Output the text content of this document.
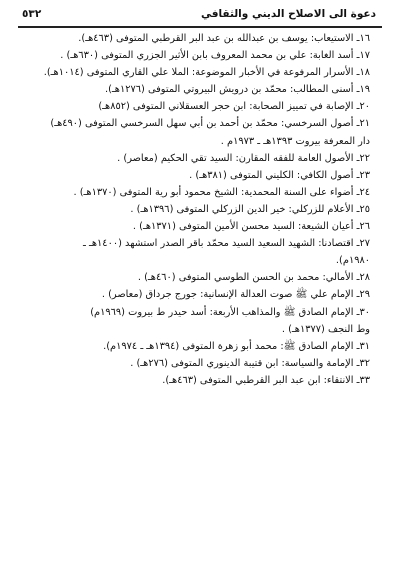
دعوة الى الاصلاح الديني والثقافي
٥٣٢
١٦ـ الاستيعاب: يوسف بن عبدالله بن عبد البر القرطبي المتوفى (٤٦٣هـ).
١٧ـ أسد الغابة: علي بن محمد المعروف بابن الأثير الجزري المتوفى (٦٣٠هـ) .
١٨ـ الأسرار المرفوعة في الأخبار الموضوعة: الملا علي القاري المتوفى (١٠١٤هـ).
١٩ـ أسنى المطالب: محمّد بن درويش البيروتي المتوفى (١٢٧٦هـ).
٢٠ـ الإصابة في تمييز الصحابة: ابن حجر العسقلاني المتوفى (٨٥٢هـ)
٢١ـ أصول السرخسي: محمّد بن أحمد بن أبي سهل السرخسي المتوفى (٤٩٠هـ)
دار المعرفة بيروت ١٣٩٣هـ ـ ١٩٧٣م .
٢٢ـ الأصول العامة للفقه المقارن: السيد تقي الحكيم (معاصر) .
٢٣ـ أصول الكافي: الكليني المتوفى (٣٨١هـ) .
٢٤ـ أضواء على السنة المحمدية: الشيخ محمود أبو رية المتوفى (١٣٧٠هـ) .
٢٥ـ الأعلام للزركلي: خير الدين الزركلي المتوفى (١٣٩٦هـ) .
٢٦ـ أعيان الشيعة: السيد محسن الأمين المتوفى (١٣٧١هـ) .
٢٧ـ اقتصادنا: الشهيد السعيد السيد محمّد باقر الصدر استشهد (١٤٠٠هـ ـ
١٩٨٠م).
٢٨ـ الأمالي: محمد بن الحسن الطوسي المتوفى (٤٦٠هـ) .
٢٩ـ الإمام علي ﷺ صوت العدالة الإنسانية: جورج جرداق (معاصر) .
٣٠ـ الإمام الصادق ﷺ والمذاهب الأربعة: أسد حيدر ط بيروت (١٩٦٩م)
وط النجف (١٣٧٧هـ) .
٣١ـ الإمام الصادق ﷺ: محمد أبو زهرة المتوفى (١٣٩٤هـ ـ ١٩٧٤م).
٣٢ـ الإمامة والسياسة: ابن قتيبة الدينوري المتوفى (٢٧٦هـ) .
٣٣ـ الانتقاء: ابن عبد البر القرطبي المتوفى (٤٦٣هـ).
